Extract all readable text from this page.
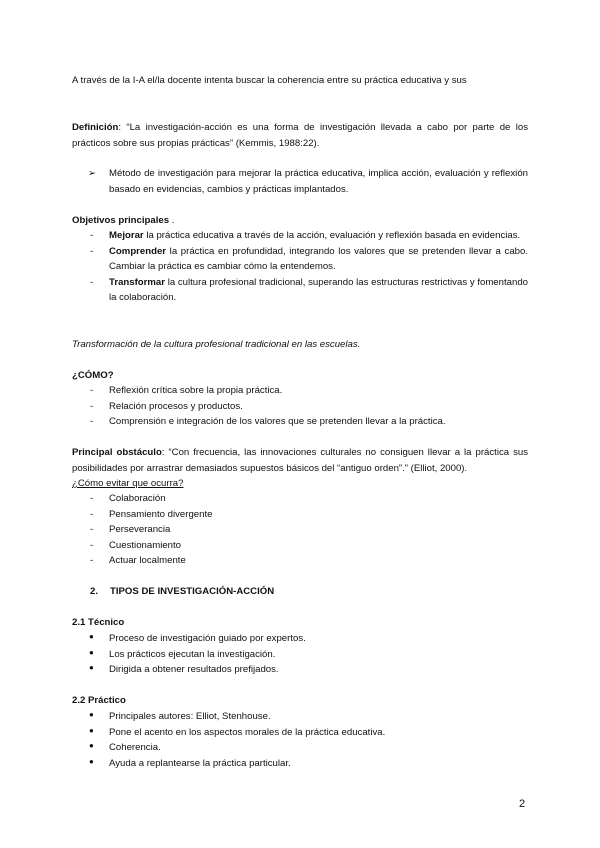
A través de la I-A el/la docente intenta buscar la coherencia entre su práctica educativa y sus

Definición: “La investigación-acción es una forma de investigación llevada a cabo por parte de los prácticos sobre sus propias prácticas” (Kemmis, 1988:22).

➢ Método de investigación para mejorar la práctica educativa, implica acción, evaluación y reflexión basado en evidencias, cambios y prácticas implantados.

Objetivos principales .

- Mejorar la práctica educativa a través de la acción, evaluación y reflexión basada en evidencias.
- Comprender la práctica en profundidad, integrando los valores que se pretenden llevar a cabo. Cambiar la práctica es cambiar cómo la entendemos.
- Transformar la cultura profesional tradicional, superando las estructuras restrictivas y fomentando la colaboración.

Transformación de la cultura profesional tradicional en las escuelas.

¿CÓMO?

- Reflexión crítica sobre la propia práctica.
- Relación procesos y productos.
- Comprensión e integración de los valores que se pretenden llevar a la práctica.

Principal obstáculo: “Con frecuencia, las innovaciones culturales no consiguen llevar a la práctica sus posibilidades por arrastrar demasiados supuestos básicos del “antiguo orden”.” (Elliot, 2000).

¿Cómo evitar que ocurra?

- Colaboración
- Pensamiento divergente
- Perseverancia
- Cuestionamiento
- Actuar localmente
2. TIPOS DE INVESTIGACIÓN-ACCIÓN

2.1 Técnico

● Proceso de investigación guiado por expertos.
● Los prácticos ejecutan la investigación.
● Dirigida a obtener resultados prefijados.

2.2 Práctico

● Principales autores: Elliot, Stenhouse.
● Pone el acento en los aspectos morales de la práctica educativa.
● Coherencia.
● Ayuda a replantearse la práctica particular.
2
